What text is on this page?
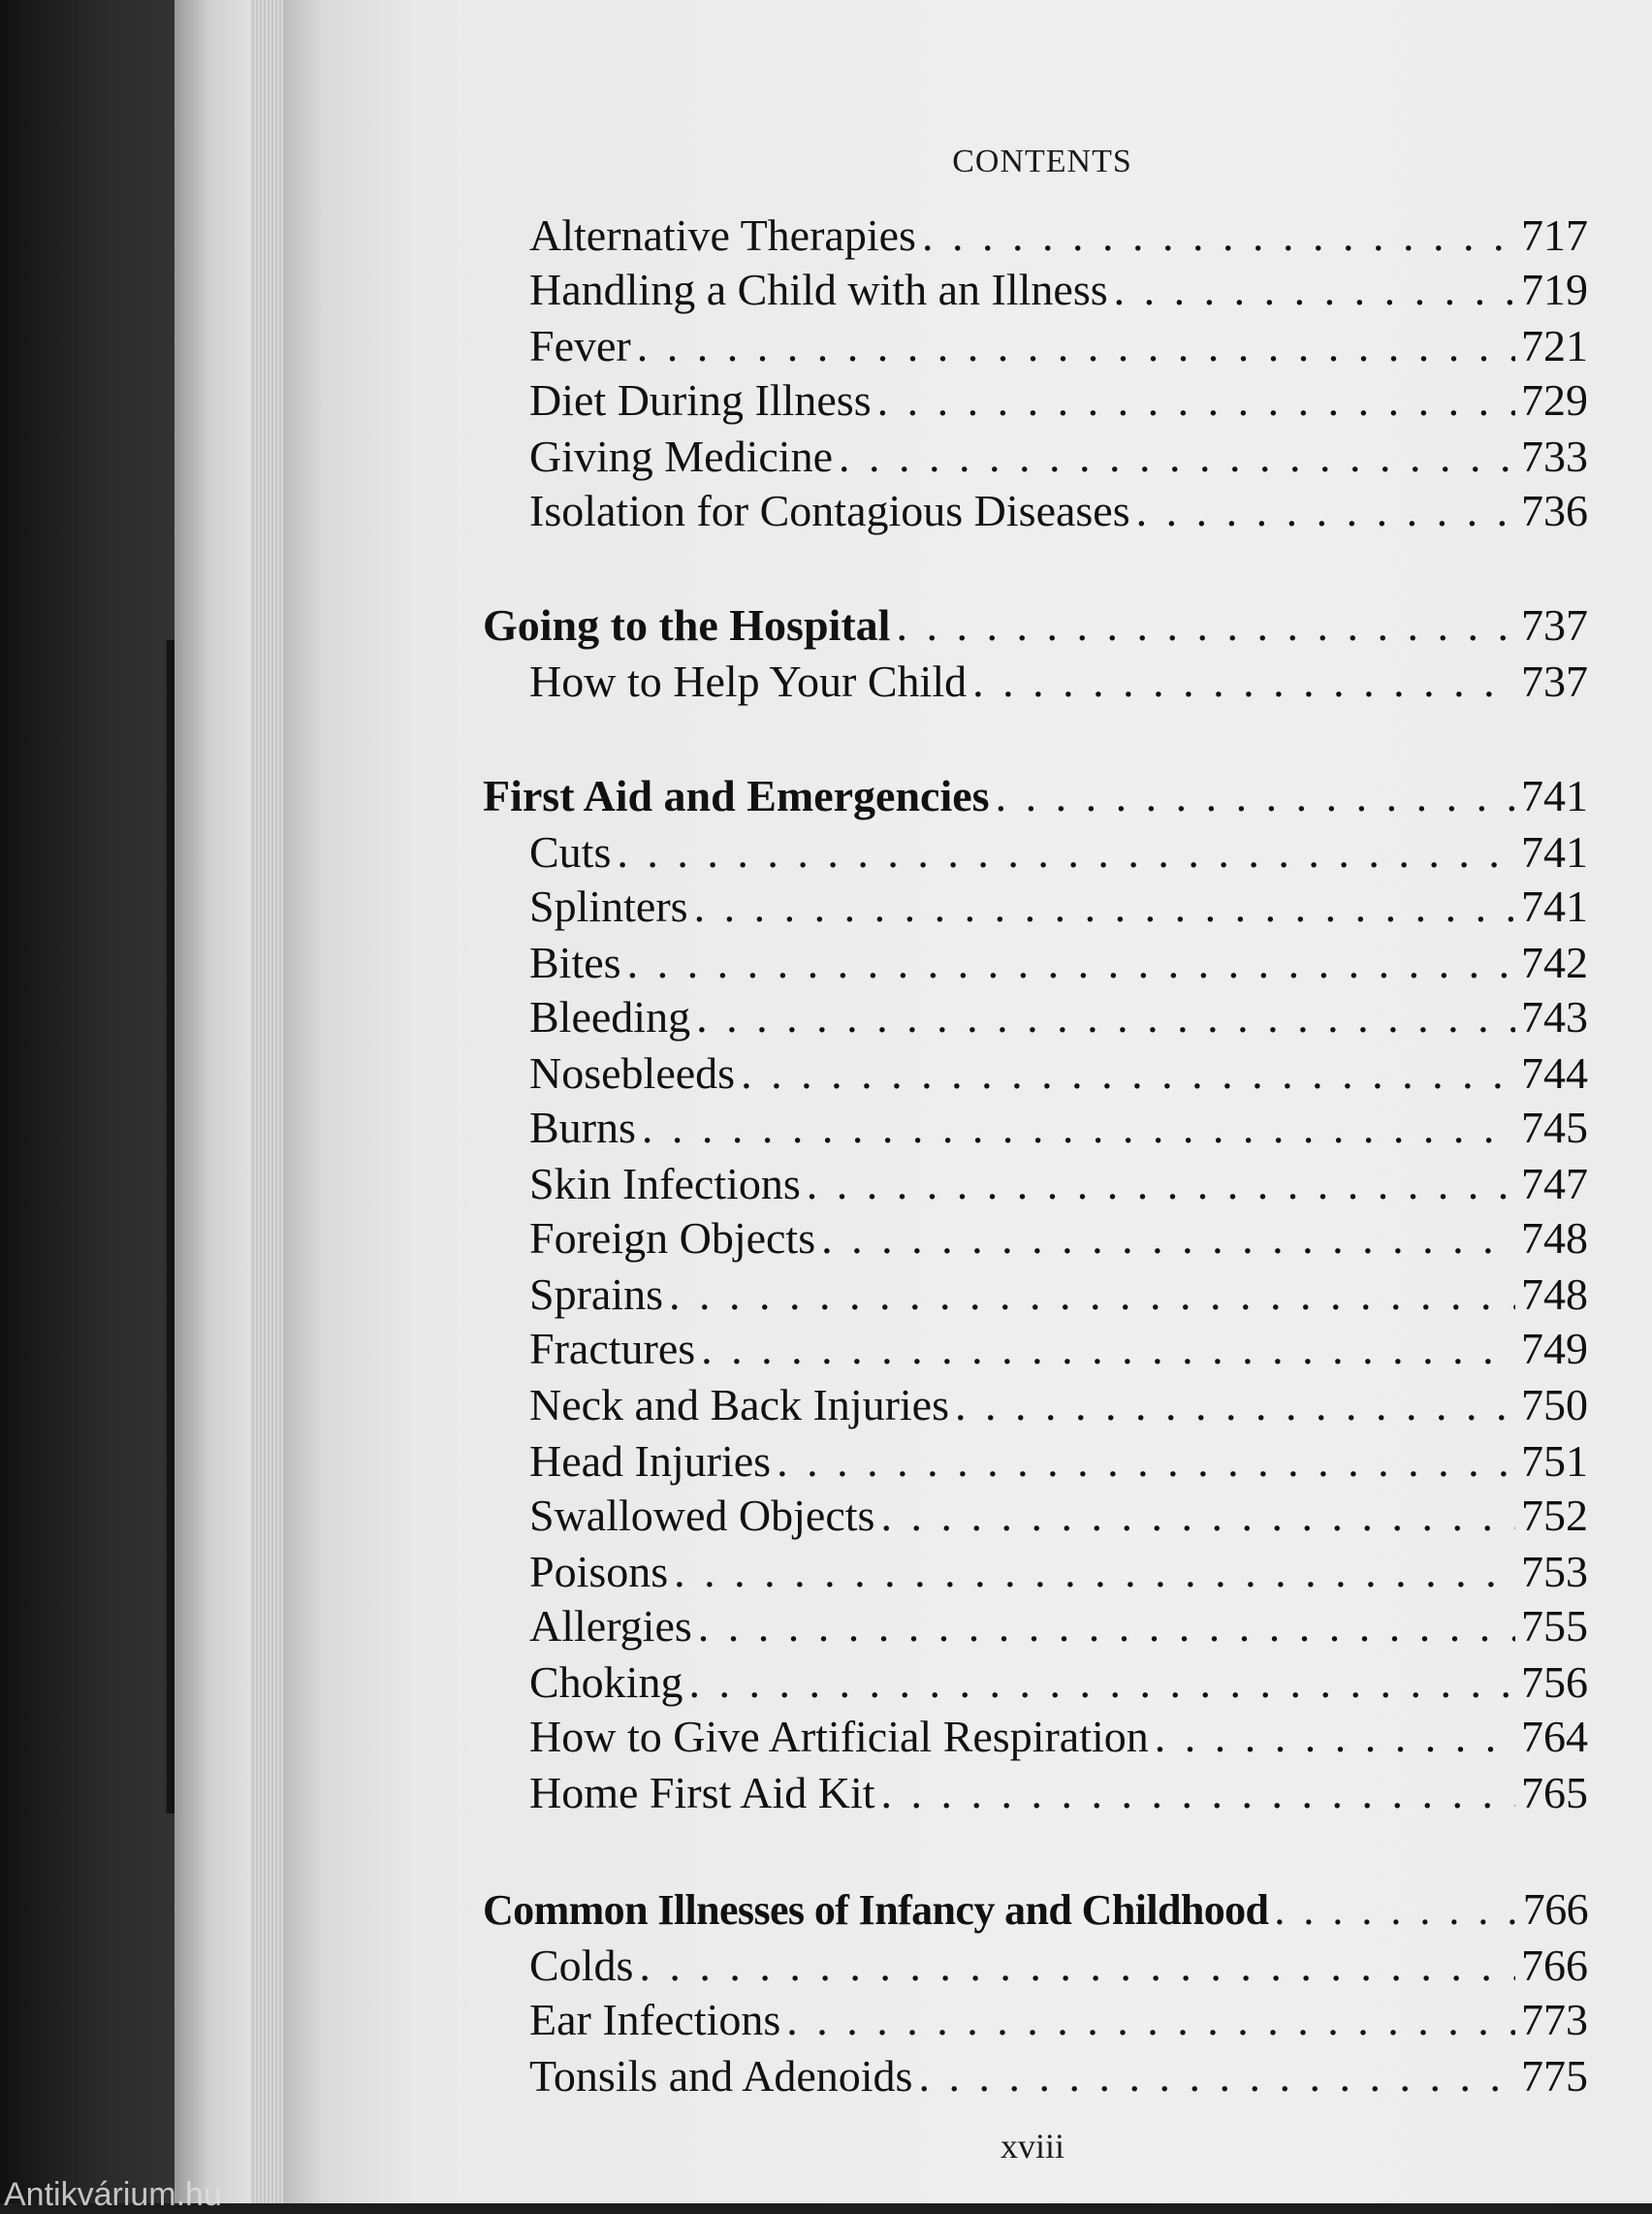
CONTENTS
Alternative Therapies . . .	717
Handling a Child with an Illness . . .	719
Fever . . .	721
Diet During Illness . . .	729
Giving Medicine . . .	733
Isolation for Contagious Diseases . . .	736
Going to the Hospital . . .	737
How to Help Your Child . . .	737
First Aid and Emergencies . . .	741
Cuts . . .	741
Splinters . . .	741
Bites . . .	742
Bleeding . . .	743
Nosebleeds . . .	744
Burns . . .	745
Skin Infections . . .	747
Foreign Objects . . .	748
Sprains . . .	748
Fractures . . .	749
Neck and Back Injuries . . .	750
Head Injuries . . .	751
Swallowed Objects . . .	752
Poisons . . .	753
Allergies . . .	755
Choking . . .	756
How to Give Artificial Respiration . . .	764
Home First Aid Kit . . .	765
Common Illnesses of Infancy and Childhood . . .	766
Colds . . .	766
Ear Infections . . .	773
Tonsils and Adenoids . . .	775
xviii
Antikvárium.hu
